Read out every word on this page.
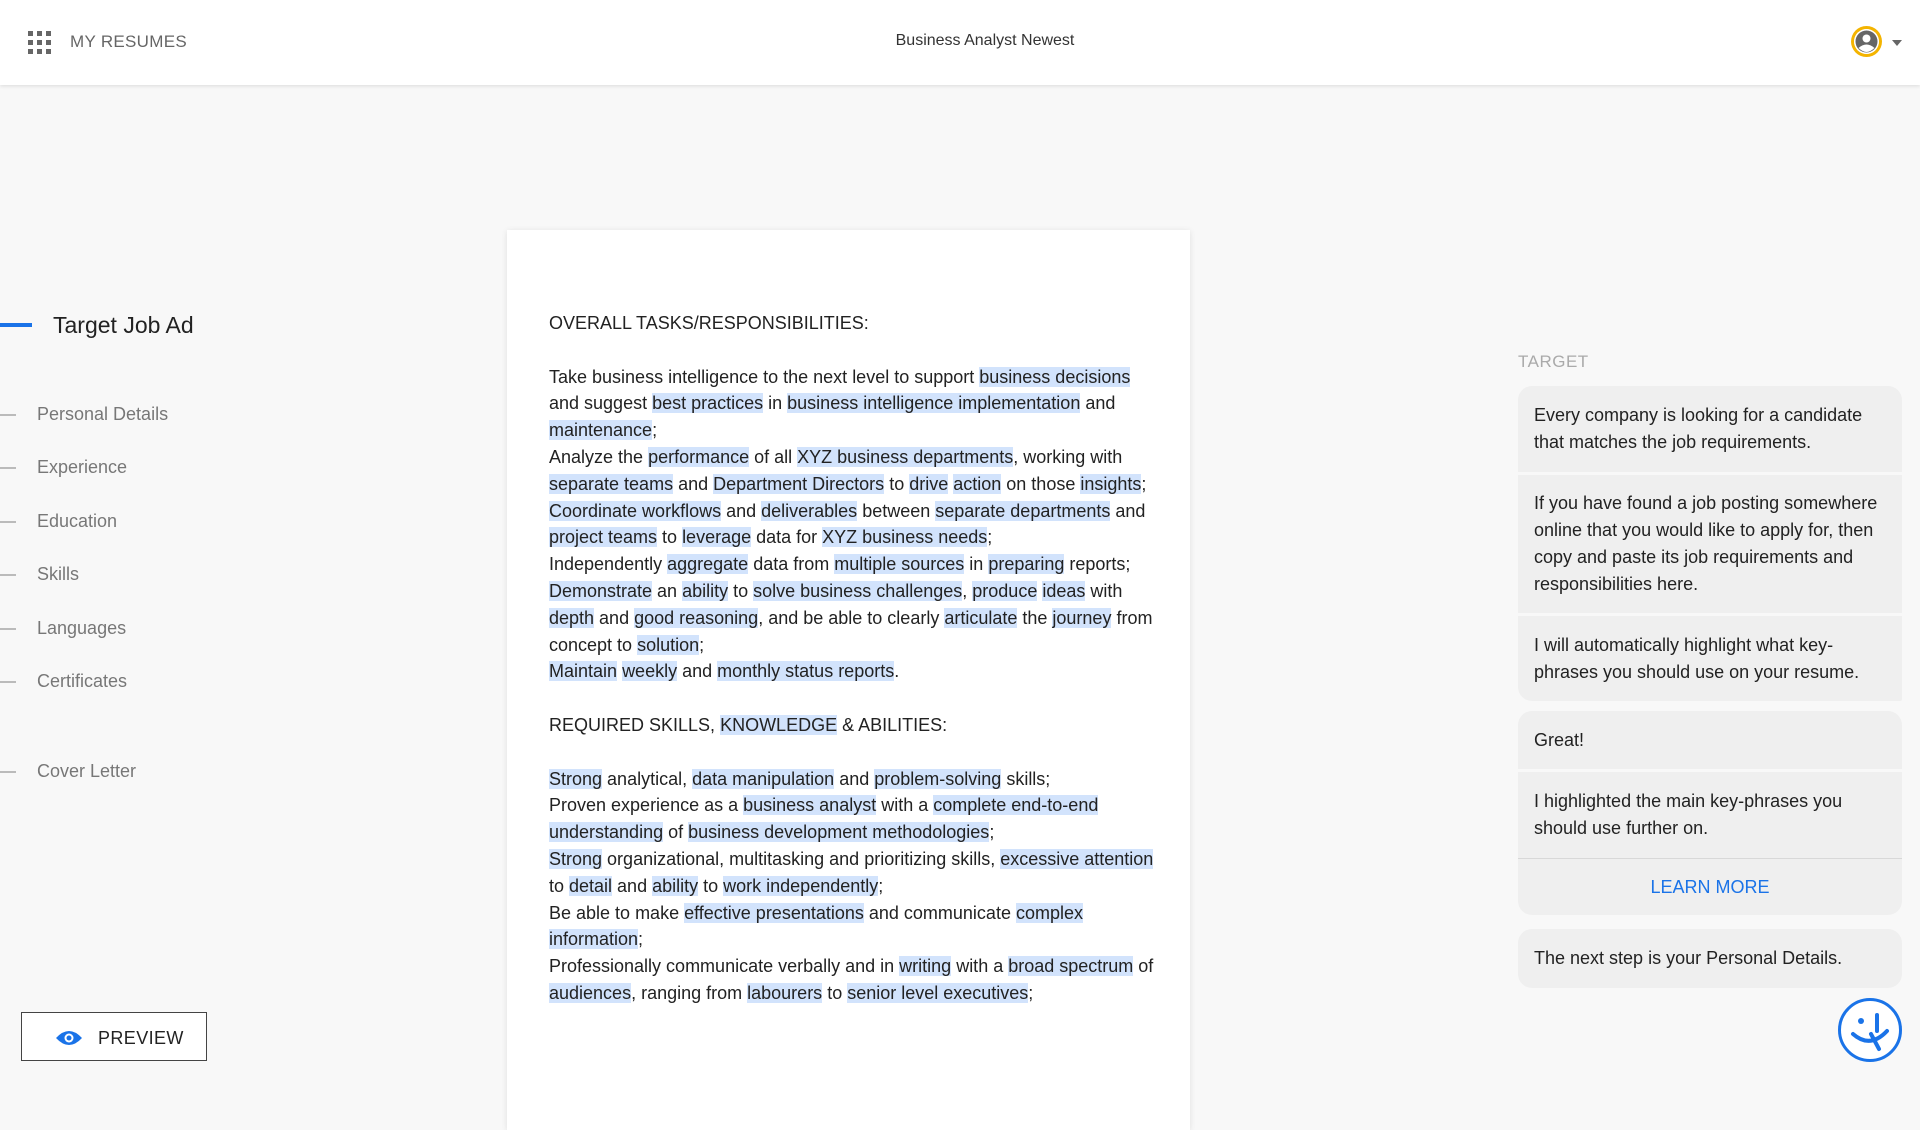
MY RESUMES	Business Analyst Newest
Target Job Ad
Personal Details
Experience
Education
Skills
Languages
Certificates
Cover Letter
PREVIEW

OVERALL TASKS/RESPONSIBILITIES:

Take business intelligence to the next level to support business decisions and suggest best practices in business intelligence implementation and maintenance;

Analyze the performance of all XYZ business departments, working with separate teams and Department Directors to drive action on those insights;

Coordinate workflows and deliverables between separate departments and project teams to leverage data for XYZ business needs;

Independently aggregate data from multiple sources in preparing reports;

Demonstrate an ability to solve business challenges, produce ideas with depth and good reasoning, and be able to clearly articulate the journey from concept to solution;

Maintain weekly and monthly status reports.

REQUIRED SKILLS, KNOWLEDGE & ABILITIES:

Strong analytical, data manipulation and problem-solving skills;

Proven experience as a business analyst with a complete end-to-end understanding of business development methodologies;

Strong organizational, multitasking and prioritizing skills, excessive attention to detail and ability to work independently;

Be able to make effective presentations and communicate complex information;

Professionally communicate verbally and in writing with a broad spectrum of audiences, ranging from labourers to senior level executives;

TARGET
Every company is looking for a candidate that matches the job requirements.
If you have found a job posting somewhere online that you would like to apply for, then copy and paste its job requirements and responsibilities here.
I will automatically highlight what key-phrases you should use on your resume.
Great!
I highlighted the main key-phrases you should use further on.
LEARN MORE
The next step is your Personal Details.
